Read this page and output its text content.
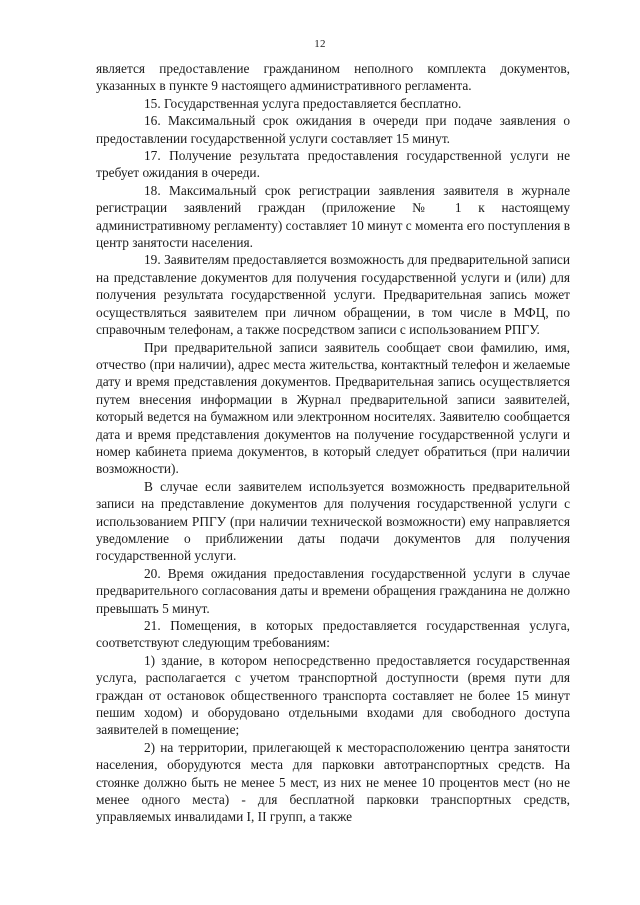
12

является предоставление гражданином неполного комплекта документов, указанных в пункте 9 настоящего административного регламента.

15. Государственная услуга предоставляется бесплатно.

16. Максимальный срок ожидания в очереди при подаче заявления о предоставлении государственной услуги составляет 15 минут.

17. Получение результата предоставления государственной услуги не требует ожидания в очереди.

18. Максимальный срок регистрации заявления заявителя в журнале регистрации заявлений граждан (приложение № 1 к настоящему административному регламенту) составляет 10 минут с момента его поступления в центр занятости населения.

19. Заявителям предоставляется возможность для предварительной записи на представление документов для получения государственной услуги и (или) для получения результата государственной услуги. Предварительная запись может осуществляться заявителем при личном обращении, в том числе в МФЦ, по справочным телефонам, а также посредством записи с использованием РПГУ.

При предварительной записи заявитель сообщает свои фамилию, имя, отчество (при наличии), адрес места жительства, контактный телефон и желаемые дату и время представления документов. Предварительная запись осуществляется путем внесения информации в Журнал предварительной записи заявителей, который ведется на бумажном или электронном носителях. Заявителю сообщается дата и время представления документов на получение государственной услуги и номер кабинета приема документов, в который следует обратиться (при наличии возможности).

В случае если заявителем используется возможность предварительной записи на представление документов для получения государственной услуги с использованием РПГУ (при наличии технической возможности) ему направляется уведомление о приближении даты подачи документов для получения государственной услуги.

20. Время ожидания предоставления государственной услуги в случае предварительного согласования даты и времени обращения гражданина не должно превышать 5 минут.

21. Помещения, в которых предоставляется государственная услуга, соответствуют следующим требованиям:

1) здание, в котором непосредственно предоставляется государственная услуга, располагается с учетом транспортной доступности (время пути для граждан от остановок общественного транспорта составляет не более 15 минут пешим ходом) и оборудовано отдельными входами для свободного доступа заявителей в помещение;

2) на территории, прилегающей к месторасположению центра занятости населения, оборудуются места для парковки автотранспортных средств. На стоянке должно быть не менее 5 мест, из них не менее 10 процентов мест (но не менее одного места) - для бесплатной парковки транспортных средств, управляемых инвалидами I, II групп, а также
